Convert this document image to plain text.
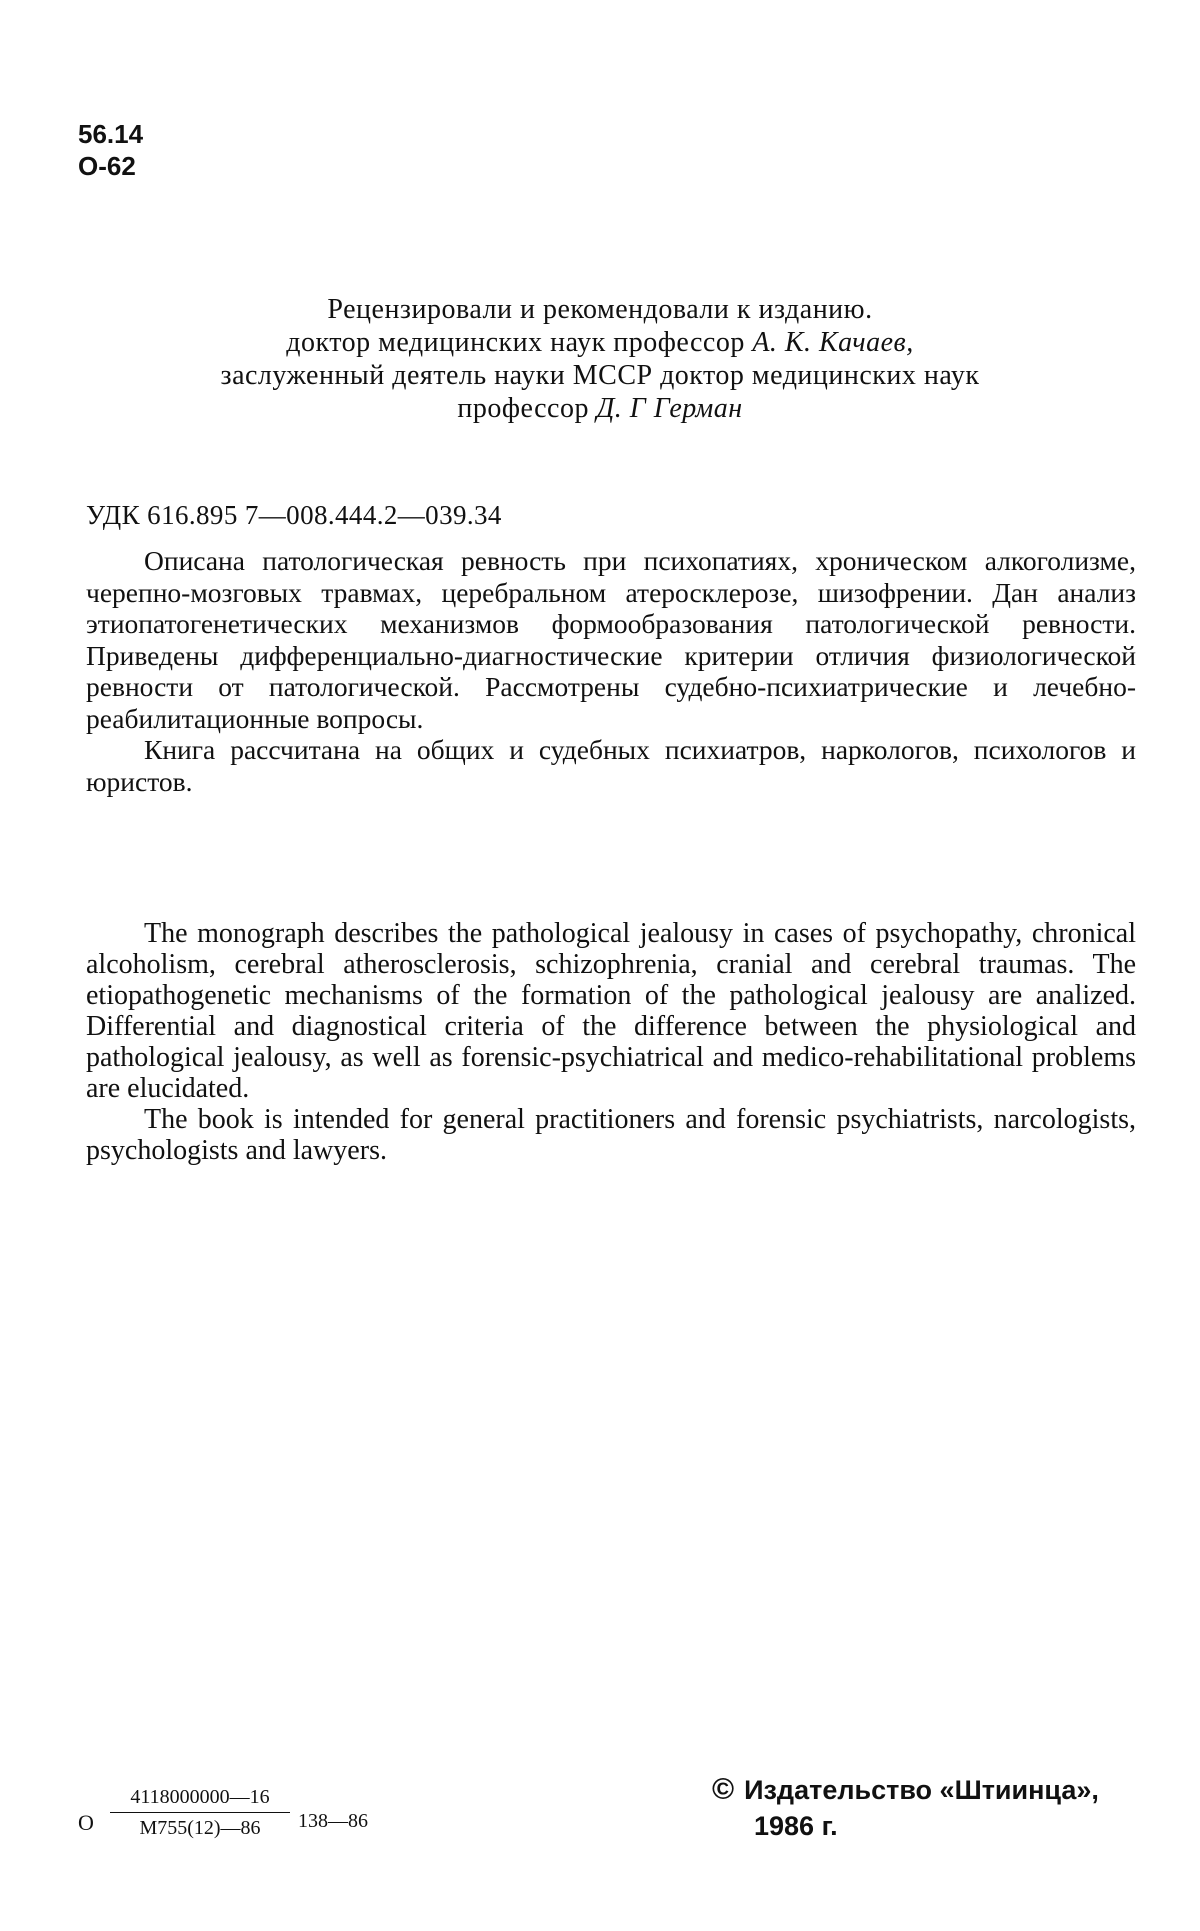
56.14
О-62
Рецензировали и рекомендовали к изданию.
доктор медицинских наук профессор А. К. Качаев,
заслуженный деятель науки МССР доктор медицинских наук
профессор Д. Г Герман
УДК 616.895 7—008.444.2—039.34

Описана патологическая ревность при психопатиях, хроническом алкоголизме, черепно-мозговых травмах, церебральном атеросклерозе, шизофрении. Дан анализ этиопатогенетических механизмов формообразования патологической ревности. Приведены дифференциально-диагностические критерии отличия физиологической ревности от патологической. Рассмотрены судебно-психиатрические и лечебно-реабилитационные вопросы.

Книга рассчитана на общих и судебных психиатров, наркологов, психологов и юристов.

The monograph describes the pathological jealousy in cases of psychopathy, chronical alcoholism, cerebral atherosclerosis, schizophrenia, cranial and cerebral traumas. The etiopathogenetic mechanisms of the formation of the pathological jealousy are analized. Differential and diagnostical criteria of the difference between the physiological and pathological jealousy, as well as forensic-psychiatrical and medico-rehabilitational problems are elucidated.

The book is intended for general practitioners and forensic psychiatrists, narcologists, psychologists and lawyers.

О
4118000000—16
М755(12)—86	138—86
© Издательство «Штиинца»,
1986 г.
